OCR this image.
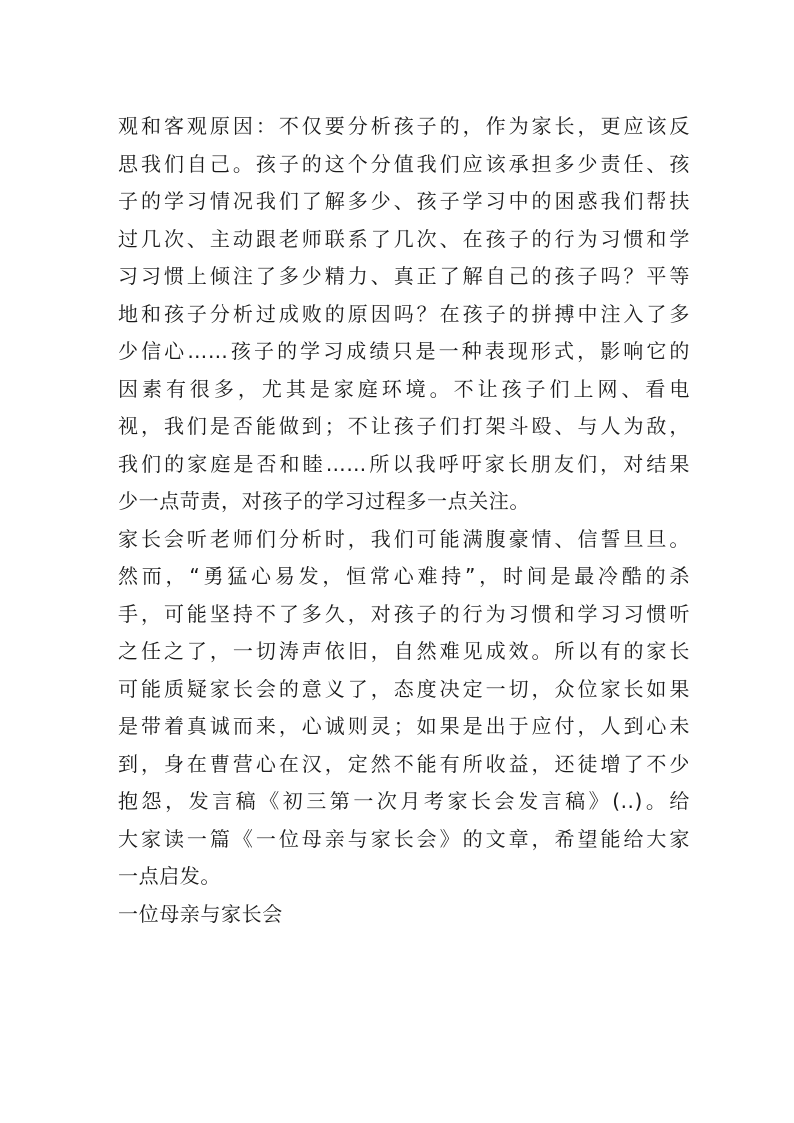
观和客观原因：不仅要分析孩子的，作为家长，更应该反
思我们自己。孩子的这个分值我们应该承担多少责任、孩
子的学习情况我们了解多少、孩子学习中的困惑我们帮扶
过几次、主动跟老师联系了几次、在孩子的行为习惯和学
习习惯上倾注了多少精力、真正了解自己的孩子吗？平等
地和孩子分析过成败的原因吗？在孩子的拼搏中注入了多
少信心……孩子的学习成绩只是一种表现形式，影响它的
因素有很多，尤其是家庭环境。不让孩子们上网、看电
视，我们是否能做到；不让孩子们打架斗殴、与人为敌，
我们的家庭是否和睦……所以我呼吁家长朋友们，对结果
少一点苛责，对孩子的学习过程多一点关注。
家长会听老师们分析时，我们可能满腹豪情、信誓旦旦。
然而，“勇猛心易发，恒常心难持”，时间是最冷酷的杀
手，可能坚持不了多久，对孩子的行为习惯和学习习惯听
之任之了，一切涛声依旧，自然难见成效。所以有的家长
可能质疑家长会的意义了，态度决定一切，众位家长如果
是带着真诚而来，心诚则灵；如果是出于应付，人到心未
到，身在曹营心在汉，定然不能有所收益，还徒增了不少
抱怨，发言稿《初三第一次月考家长会发言稿》(..)。给
大家读一篇《一位母亲与家长会》的文章，希望能给大家
一点启发。
一位母亲与家长会
